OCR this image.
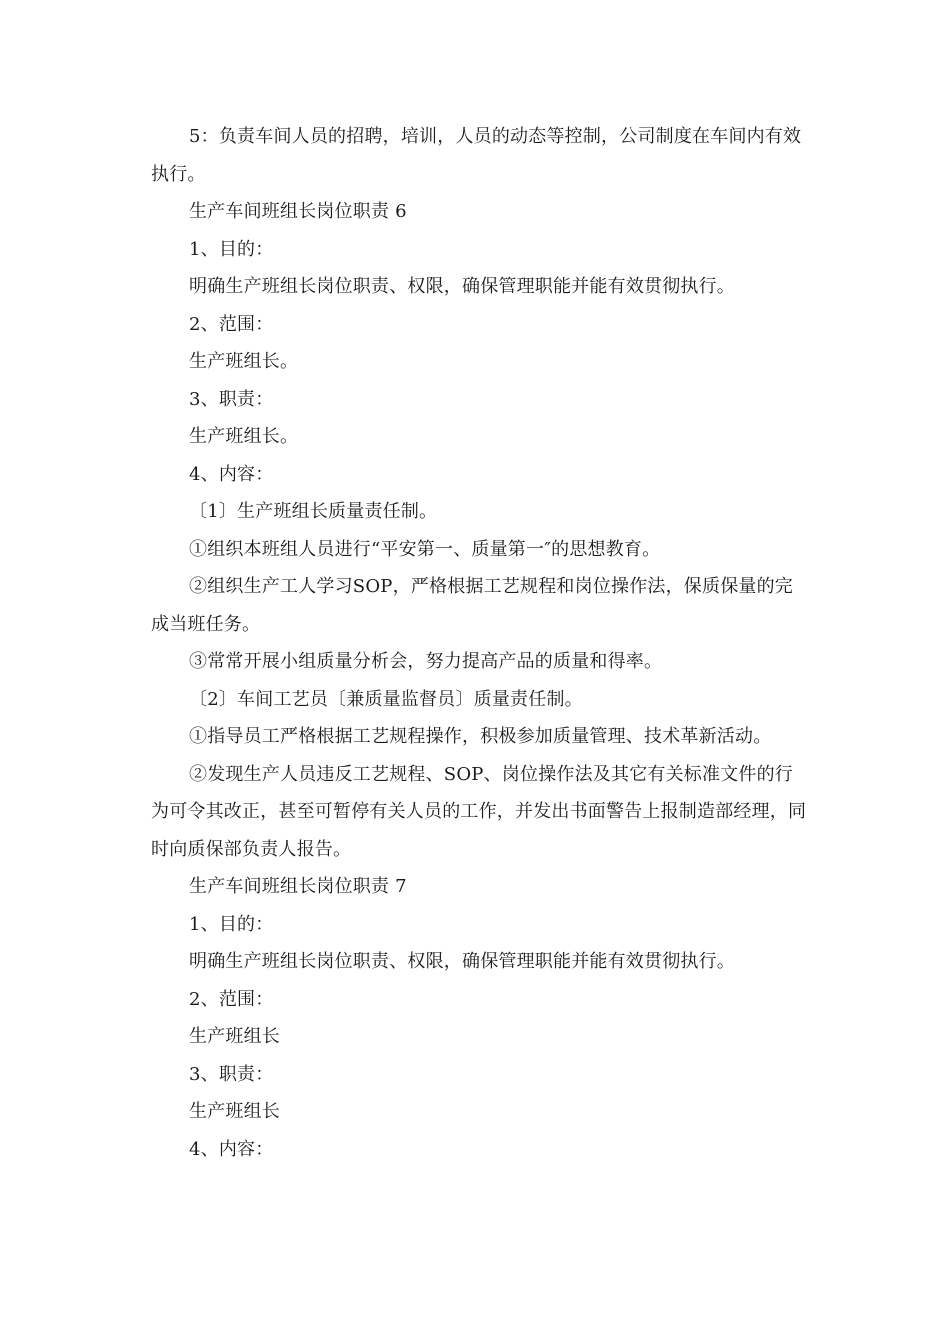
5：负责车间人员的招聘，培训，人员的动态等控制，公司制度在车间内有效执行。

生产车间班组长岗位职责 6

1、目的：

明确生产班组长岗位职责、权限，确保管理职能并能有效贯彻执行。

2、范围：

生产班组长。

3、职责：

生产班组长。

4、内容：

〔1〕生产班组长质量责任制。

①组织本班组人员进行“平安第一、质量第一″的思想教育。

②组织生产工人学习SOP，严格根据工艺规程和岗位操作法，保质保量的完成当班任务。

③常常开展小组质量分析会，努力提高产品的质量和得率。

〔2〕车间工艺员〔兼质量监督员〕质量责任制。

①指导员工严格根据工艺规程操作，积极参加质量管理、技术革新活动。

②发现生产人员违反工艺规程、SOP、岗位操作法及其它有关标准文件的行为可令其改正，甚至可暂停有关人员的工作，并发出书面警告上报制造部经理，同时向质保部负责人报告。

生产车间班组长岗位职责 7

1、目的：

明确生产班组长岗位职责、权限，确保管理职能并能有效贯彻执行。

2、范围：

生产班组长

3、职责：

生产班组长

4、内容：
